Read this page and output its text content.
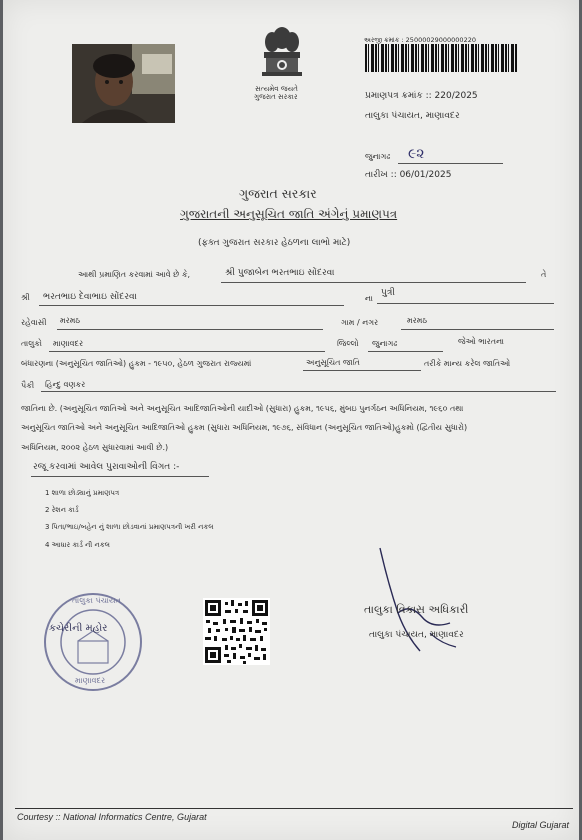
સત્યમેવ જયતે
ગુજરાત સરકાર
અરજી ક્રમાંક : 25000029000000220
પ્રમાણપત્ર ક્રમાંક :: 220/2025
તાલુકા પંચાયત, માણાવદર
જુનાગઢ ૯૨
તારીખ :: 06/01/2025
ગુજરાત સરકાર
ગુજરાતની અનુસૂચિત જાતિ અંગેનું પ્રમાણપત્ર
(ફક્ત ગુજરાત સરકાર હેઠળના લાભો માટે)
આથી પ્રમાણિત કરવામાં આવે છે કે,	શ્રી પુજાબેન ભરતભાઇ સોંદરવા	તે
શ્રી ભરતભાઇ દેવાભાઇ સોંદરવા	ના
પુત્રી
રહેવાસી મરમઠ	ગામ / નગર	મરમઠ
તાલુકો માણાવદર	જિલ્લો જુનાગઢ	જેઓ ભારતના
બંધારણના (અનુસૂચિત જાતિઓ) હુકમ - ૧૯૫૦, હેઠળ ગુજરાત રાજ્યમાં	અનુસૂચિત જાતિ	તરીકે માન્ય કરેલ જાતિઓ
પૈકી હિન્દુ વણકર
જાતિના છે. (અનુસૂચિત જાતિઓ અને અનુસૂચિત આદિજાતિઓની યાદીઓ (સુધારા) હુકમ, ૧૯૫૬, મુંબઇ પુનર્ગઠન અધિનિયમ, ૧૯૬૦ તથા
અનુસૂચિત જાતિઓ અને અનુસૂચિત આદિજાતિઓ હુકમ (સુધારા અધિનિયમ, ૧૯૭૬, સંવિધાન (અનુસૂચિત જાતિઓ)હુકમો (દ્વિતીય સુધારો)
અધિનિયમ, ૨૦૦૨ હેઠળ સુધારવામાં આવી છે.)
રજૂ કરવામાં આવેલ પુરાવાઓની વિગત :-
1 શાળા છોડ્યાનું પ્રમાણપત્ર
2 રેશન કાર્ડ
3 પિતા/ભાઇ/બહેન નું શાળા છોડવાનાં પ્રમાણપત્રની ખરી નકલ
4 આધાર કાર્ડ ની નકલ
તાલુકા પંચાયત
કચેરીની મહોર
માણાવદર
તાલુકા વિકાસ અધિકારી
તાલુકા પંચાયત, માણાવદર
Courtesy :: National Informatics Centre, Gujarat
Digital Gujarat
